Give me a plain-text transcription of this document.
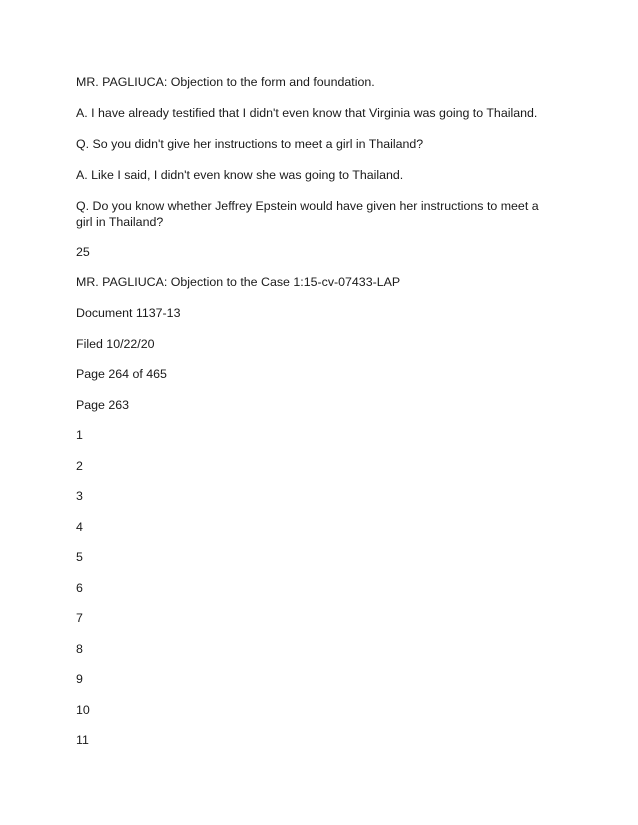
MR. PAGLIUCA: Objection to the form and foundation.

A. I have already testified that I didn't even know that Virginia was going to Thailand.

Q. So you didn't give her instructions to meet a girl in Thailand?

A. Like I said, I didn't even know she was going to Thailand.

Q. Do you know whether Jeffrey Epstein would have given her instructions to meet a girl in Thailand?

25

MR. PAGLIUCA: Objection to the Case 1:15-cv-07433-LAP

Document 1137-13

Filed 10/22/20

Page 264 of 465

Page 263

1

2

3

4

5

6

7

8

9

10

11
